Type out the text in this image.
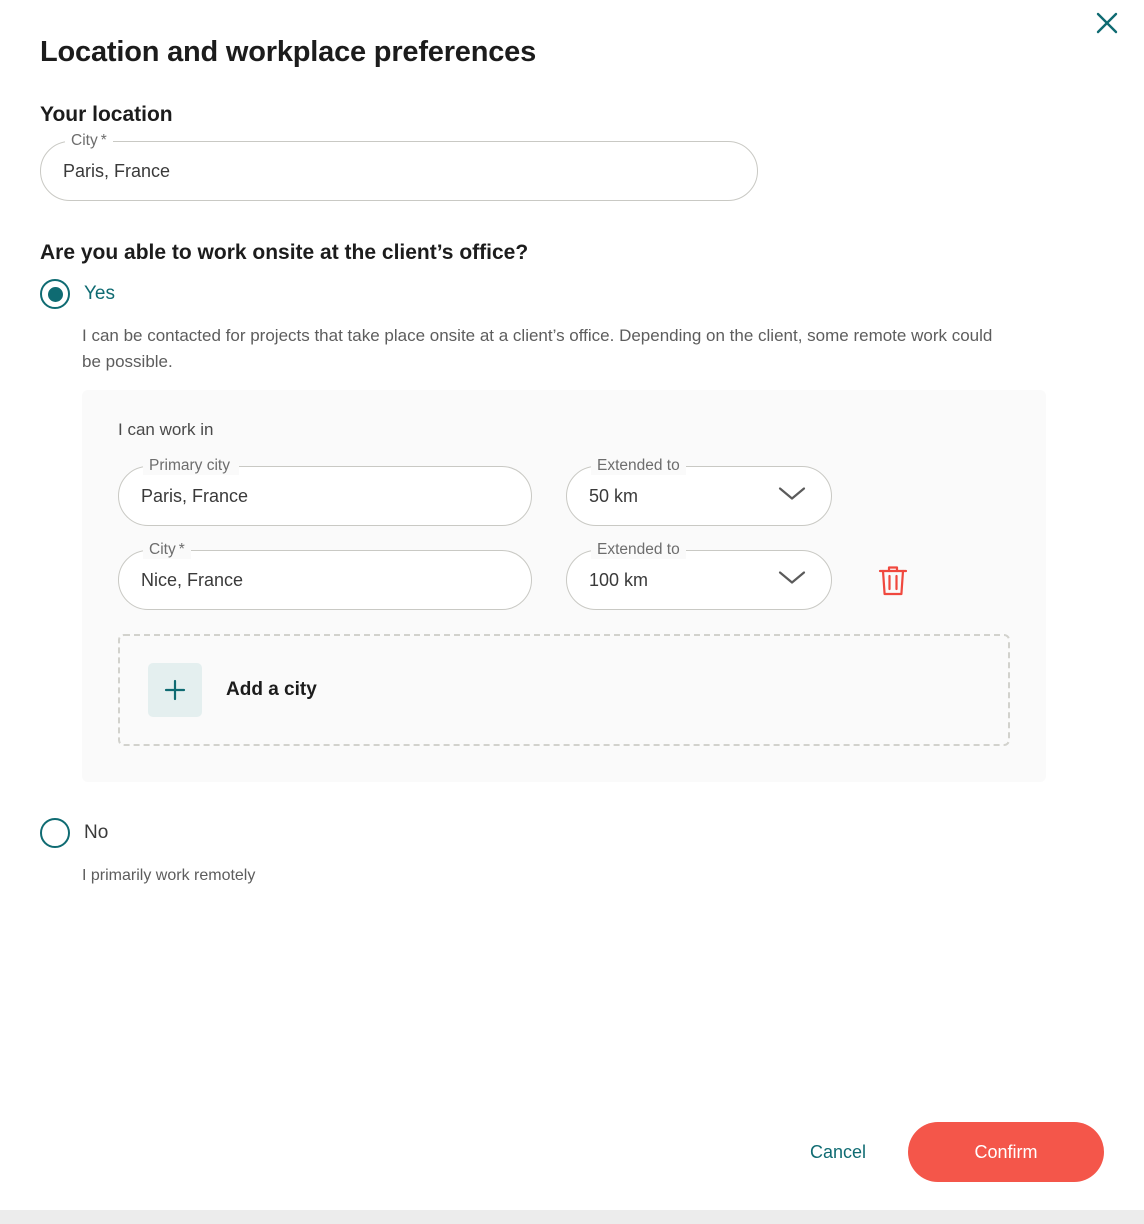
Location and workplace preferences
Your location
City *
Paris, France
Are you able to work onsite at the client’s office?
Yes
I can be contacted for projects that take place onsite at a client’s office. Depending on the client, some remote work could be possible.
I can work in
Primary city
Paris, France
Extended to
50 km
City *
Nice, France
Extended to
100 km
Add a city
No
I primarily work remotely
Cancel	Confirm
